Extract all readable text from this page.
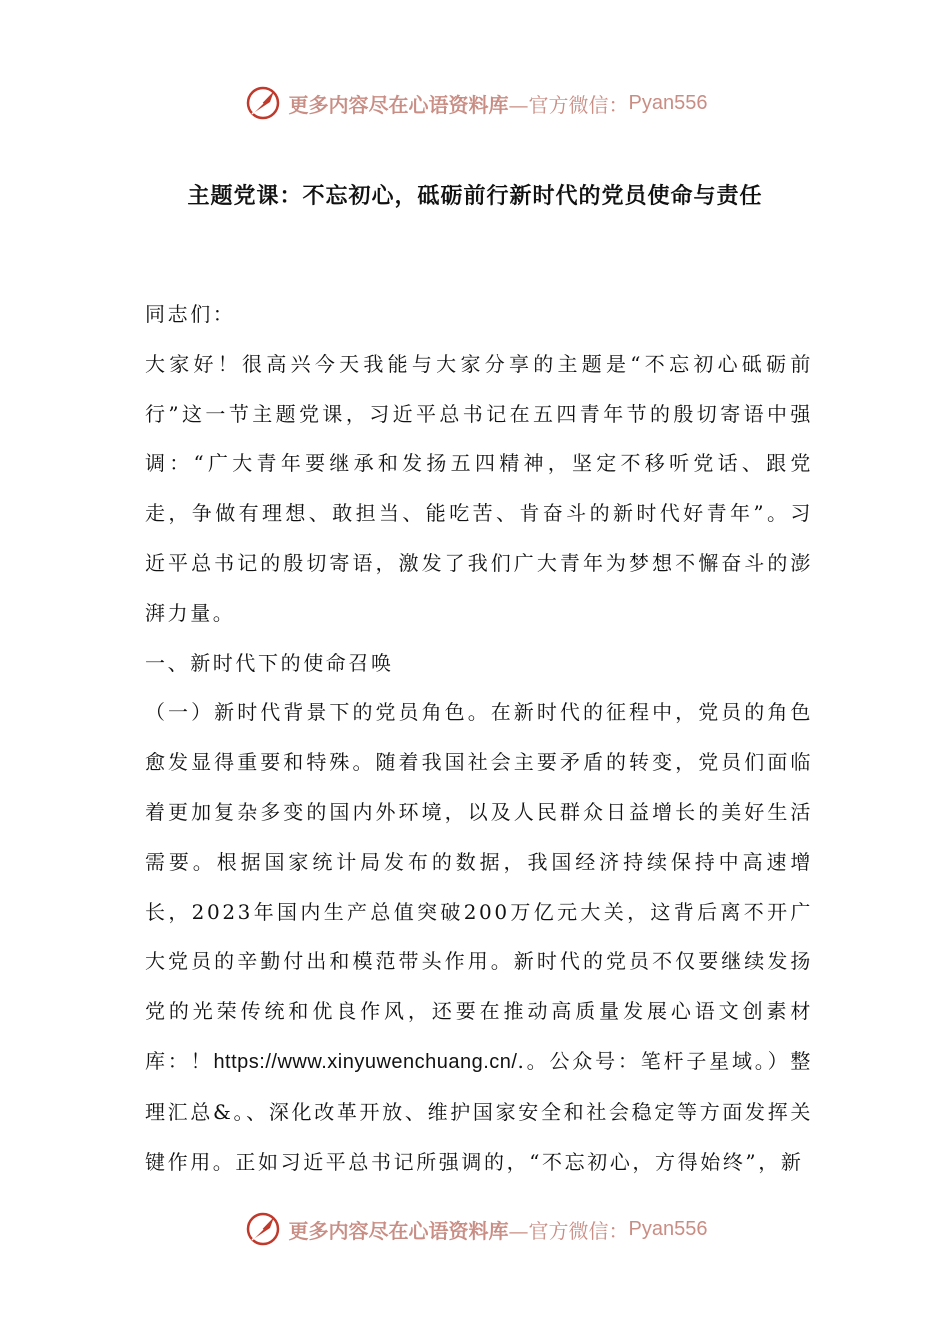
更多内容尽在心语资料库 —官方微信： Pyan556
主题党课：不忘初心，砥砺前行新时代的党员使命与责任

同志们：

大家好！很高兴今天我能与大家分享的主题是“不忘初心砥砺前行”这一节主题党课，习近平总书记在五四青年节的殷切寄语中强调：“广大青年要继承和发扬五四精神，坚定不移听党话、跟党走，争做有理想、敢担当、能吃苦、肯奋斗的新时代好青年”。习近平总书记的殷切寄语，激发了我们广大青年为梦想不懈奋斗的澎湃力量。

一、新时代下的使命召唤

（一）新时代背景下的党员角色。在新时代的征程中，党员的角色愈发显得重要和特殊。随着我国社会主要矛盾的转变，党员们面临着更加复杂多变的国内外环境，以及人民群众日益增长的美好生活需要。根据国家统计局发布的数据，我国经济持续保持中高速增长，2023年国内生产总值突破200万亿元大关，这背后离不开广大党员的辛勤付出和模范带头作用。新时代的党员不仅要继续发扬党的光荣传统和优良作风，还要在推动高质量发展心语文创素材库：！https://www.xinyuwenchuang.cn/.。公众号：笔杆子星域。）整理汇总&。、深化改革开放、维护国家安全和社会稳定等方面发挥关键作用。正如习近平总书记所强调的，“不忘初心，方得始终”，新

更多内容尽在心语资料库 —官方微信： Pyan556
